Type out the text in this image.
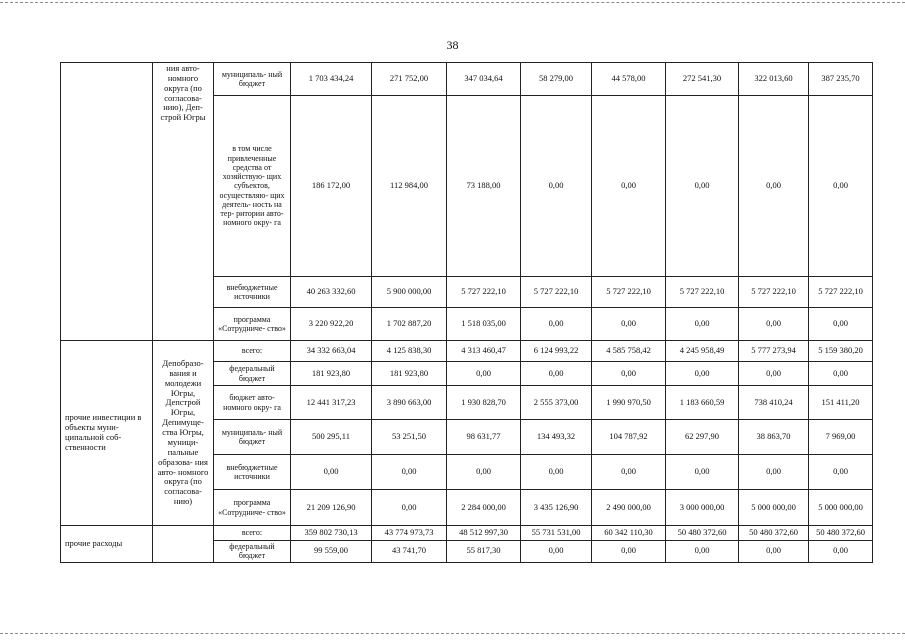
38
	ния авто- номного округа (по согласова- нию), Деп- строй Югры	муниципаль- ный бюджет	1 703 434,24	271 752,00	347 034,64	58 279,00	44 578,00	272 541,30	322 013,60	387 235,70
		в том числе привлеченные средства от хозяйствую- щих субъектов, осуществляю- щих деятель- ность на тер- ритории авто- номного окру- га	186 172,00	112 984,00	73 188,00	0,00	0,00	0,00	0,00	0,00
		внебюджетные источники	40 263 332,60	5 900 000,00	5 727 222,10	5 727 222,10	5 727 222,10	5 727 222,10	5 727 222,10	5 727 222,10
		программа «Сотрудниче- ство»	3 220 922,20	1 702 887,20	1 518 035,00	0,00	0,00	0,00	0,00	0,00
прочие инвестиции в объекты муни- ципальной соб- ственности	Депобразо- вания и молодежи Югры, Депстрой Югры, Депимуще- ства Югры, муници- пальные образова- ния авто- номного округа (по согласова- нию)	всего:	34 332 663,04	4 125 838,30	4 313 460,47	6 124 993,22	4 585 758,42	4 245 958,49	5 777 273,94	5 159 380,20
		федеральный бюджет	181 923,80	181 923,80	0,00	0,00	0,00	0,00	0,00	0,00
		бюджет авто- номного окру- га	12 441 317,23	3 890 663,00	1 930 828,70	2 555 373,00	1 990 970,50	1 183 660,59	738 410,24	151 411,20
		муниципаль- ный бюджет	500 295,11	53 251,50	98 631,77	134 493,32	104 787,92	62 297,90	38 863,70	7 969,00
		внебюджетные источники	0,00	0,00	0,00	0,00	0,00	0,00	0,00	0,00
		программа «Сотрудниче- ство»	21 209 126,90	0,00	2 284 000,00	3 435 126,90	2 490 000,00	3 000 000,00	5 000 000,00	5 000 000,00
прочие расходы		всего:	359 802 730,13	43 774 973,73	48 512 997,30	55 731 531,00	60 342 110,30	50 480 372,60	50 480 372,60	50 480 372,60
		федеральный бюджет	99 559,00	43 741,70	55 817,30	0,00	0,00	0,00	0,00	0,00
